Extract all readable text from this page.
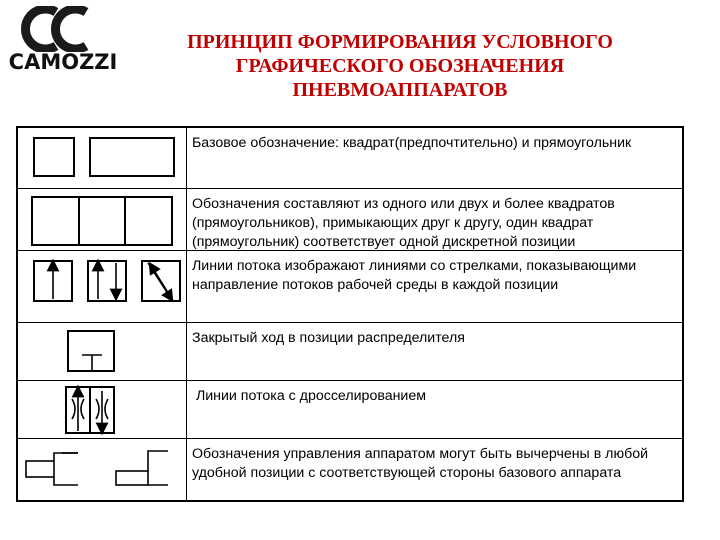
CAMOZZI
ПРИНЦИП ФОРМИРОВАНИЯ УСЛОВНОГО
ГРАФИЧЕСКОГО ОБОЗНАЧЕНИЯ
ПНЕВМОАППАРАТОВ
Базовое обозначение: квадрат(предпочтительно) и прямоугольник
Обозначения составляют из одного или двух и более квадратов (прямоугольников), примыкающих друг к другу, один квадрат (прямоугольник) соответствует одной дискретной позиции
Линии потока изображают линиями со стрелками, показывающими направление потоков рабочей среды в каждой позиции
Закрытый ход в позиции распределителя
Линии потока с дросселированием
Обозначения управления аппаратом могут быть вычерчены в любой удобной позиции с соответствующей стороны базового аппарата
